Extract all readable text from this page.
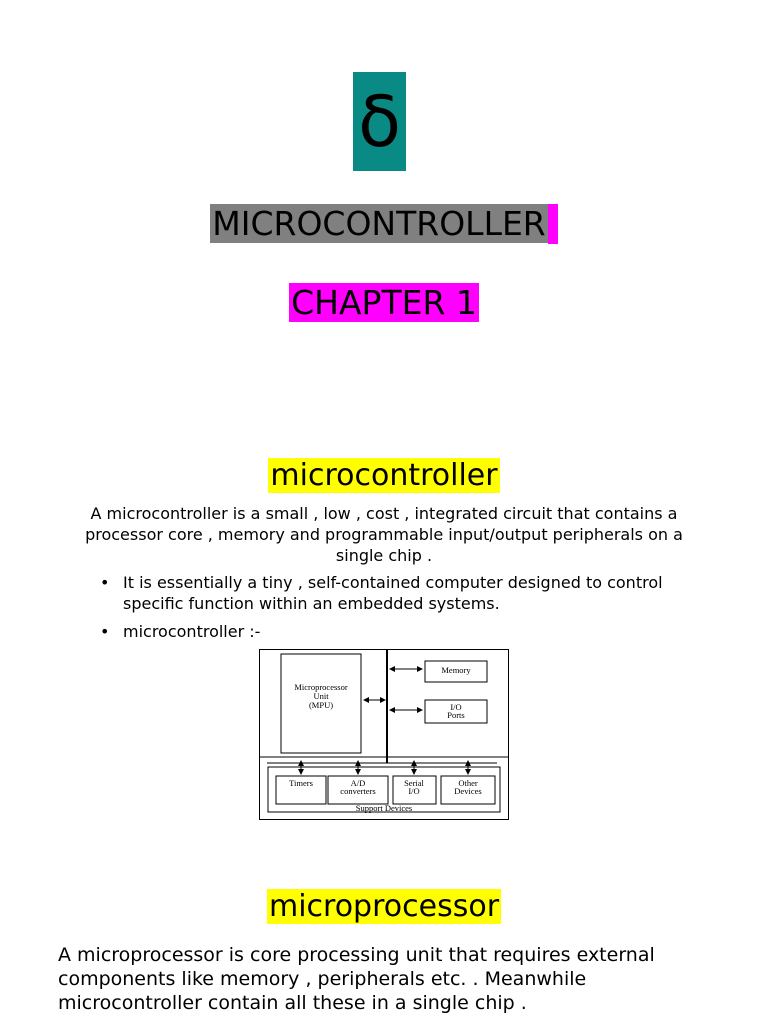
δ
MICROCONTROLLER
CHAPTER 1
microcontroller
A microcontroller is a small , low , cost , integrated circuit that contains a processor core , memory and programmable input/output peripherals on a single chip .
• It is essentially a tiny , self-contained computer designed to control specific function within an embedded systems.
• microcontroller :-
Microprocessor
Unit
(MPU)
Memory
I/O
Ports
Timers	A/D
converters
Serial
I/O
Other
Devices
Support Devices
microprocessor
A microprocessor is core processing unit that requires external components like memory , peripherals etc. . Meanwhile microcontroller contain all these in a single chip .
